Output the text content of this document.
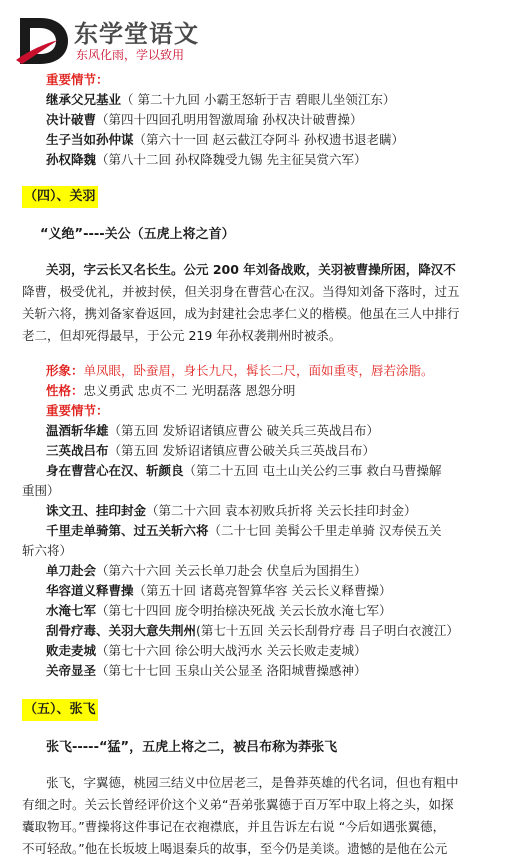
东学堂语文
东风化雨，学以致用
重要情节：
继承父兄基业（ 第二十九回 小霸王怒斩于吉 碧眼儿坐领江东）
决计破曹（第四十四回孔明用智激周瑜 孙权决计破曹操）
生子当如孙仲谋（第六十一回 赵云截江夺阿斗 孙权遗书退老瞒）
孙权降魏（第八十二回 孙权降魏受九锡 先主征吴赏六军）
（四）、关羽
“义绝”----关公（五虎上将之首）
关羽，字云长又名长生。公元 200 年刘备战败，关羽被曹操所困，降汉不
降曹，极受优礼，并被封侯，但关羽身在曹营心在汉。当得知刘备下落时，过五
关斩六将，携刘备家眷返回，成为封建社会忠孝仁义的楷模。他虽在三人中排行
老二，但却死得最早，于公元 219 年孙权袭荆州时被杀。
形象：单凤眼，卧蚕眉，身长九尺，髯长二尺，面如重枣，唇若涂脂。
性格：忠义勇武 忠贞不二 光明磊落 恩怨分明
重要情节：
温酒斩华雄（第五回 发矫诏诸镇应曹公 破关兵三英战吕布）
三英战吕布（第五回 发矫诏诸镇应曹公破关兵三英战吕布）
身在曹营心在汉、斩颜良（第二十五回 屯土山关公约三事 救白马曹操解
重围）
诛文丑、挂印封金（第二十六回 袁本初败兵折将 关云长挂印封金）
千里走单骑第、过五关斩六将（二十七回 美髯公千里走单骑 汉寿侯五关
斩六将）
单刀赴会（第六十六回 关云长单刀赴会 伏皇后为国捐生）
华容道义释曹操（第五十回 诸葛亮智算华容 关云长义释曹操）
水淹七军（第七十四回 庞令明抬榇决死战 关云长放水淹七军）
刮骨疗毒、关羽大意失荆州(第七十五回 关云长刮骨疗毒 吕子明白衣渡江）
败走麦城（第七十六回 徐公明大战沔水 关云长败走麦城）
关帝显圣（第七十七回 玉泉山关公显圣 洛阳城曹操感神）
（五）、张飞
张飞-----“猛”，五虎上将之二，被吕布称为莽张飞
张飞，字翼德，桃园三结义中位居老三，是鲁莽英雄的代名词，但也有粗中
有细之时。关云长曾经评价这个义弟“吾弟张翼德于百万军中取上将之头，如探
囊取物耳。”曹操将这件事记在衣袍襟底，并且告诉左右说 “今后如遇张翼德，
不可轻敌。”他在长坂坡上喝退秦兵的故事，至今仍是美谈。遗憾的是他在公元
